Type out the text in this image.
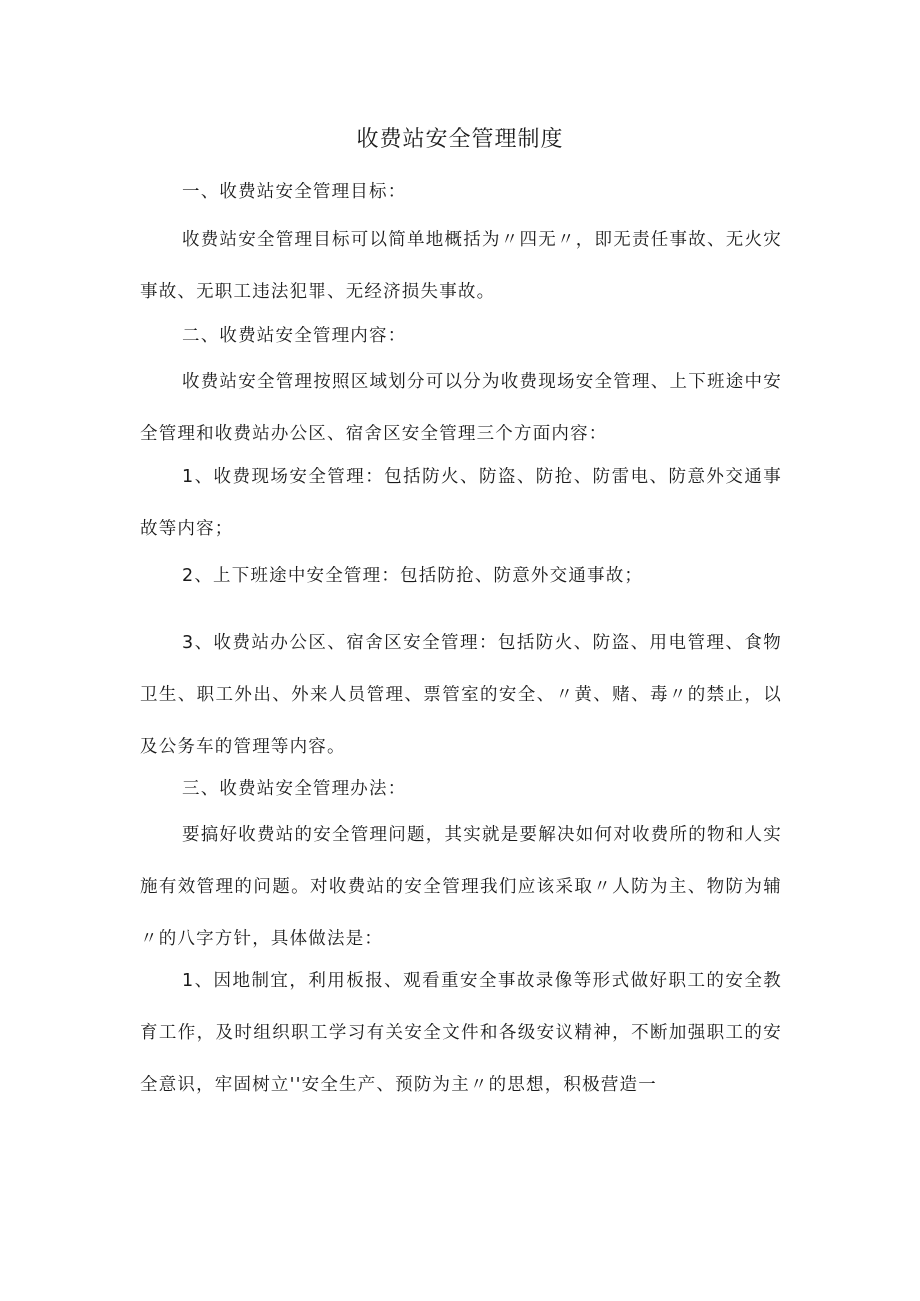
收费站安全管理制度

一、收费站安全管理目标：

收费站安全管理目标可以简单地概括为〃四无〃，即无责任事故、无火灾事故、无职工违法犯罪、无经济损失事故。

二、收费站安全管理内容：

收费站安全管理按照区域划分可以分为收费现场安全管理、上下班途中安全管理和收费站办公区、宿舍区安全管理三个方面内容：

1、收费现场安全管理：包括防火、防盗、防抢、防雷电、防意外交通事故等内容；

2、上下班途中安全管理：包括防抢、防意外交通事故；

3、收费站办公区、宿舍区安全管理：包括防火、防盗、用电管理、食物卫生、职工外出、外来人员管理、票管室的安全、〃黄、赌、毒〃的禁止，以及公务车的管理等内容。

三、收费站安全管理办法：

要搞好收费站的安全管理问题，其实就是要解决如何对收费所的物和人实施有效管理的问题。对收费站的安全管理我们应该采取〃人防为主、物防为辅〃的八字方针，具体做法是：

1、因地制宜，利用板报、观看重安全事故录像等形式做好职工的安全教育工作，及时组织职工学习有关安全文件和各级安议精神，不断加强职工的安全意识，牢固树立''安全生产、预防为主〃的思想，积极营造一
